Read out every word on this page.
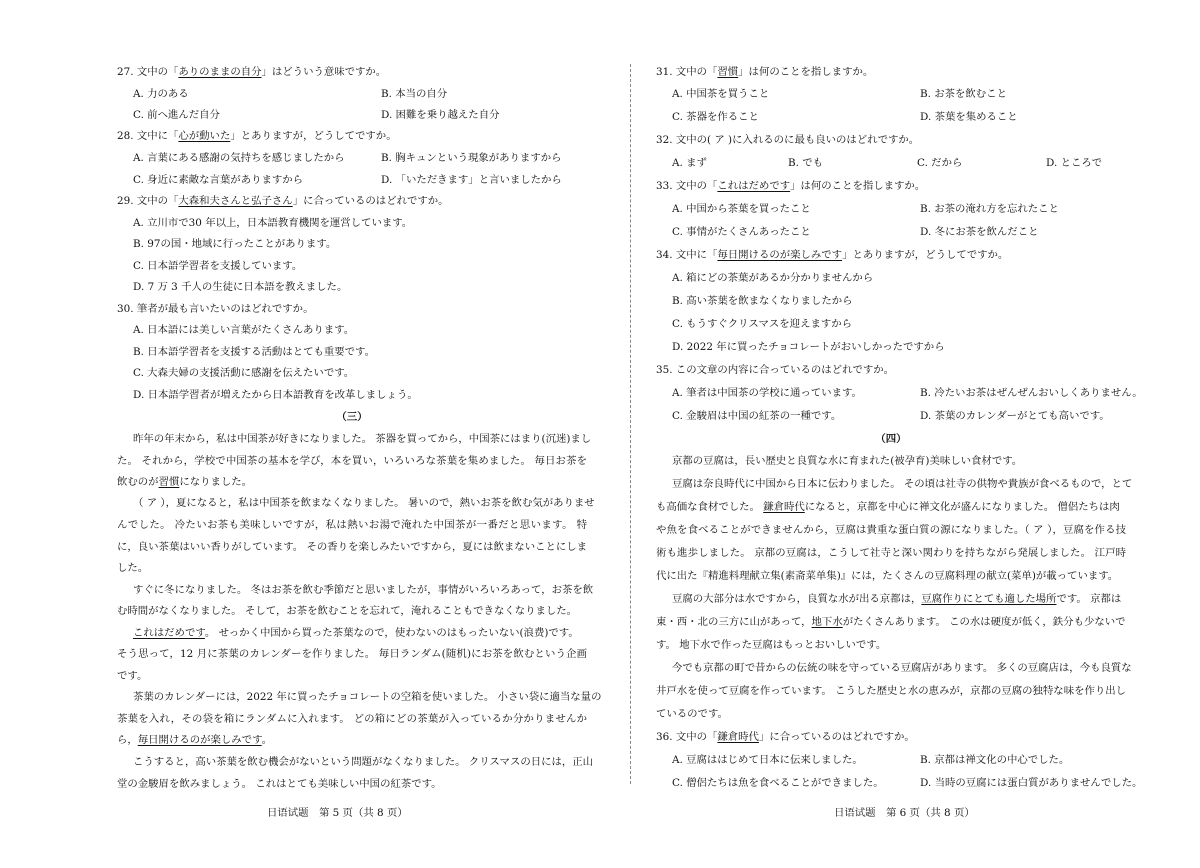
27. 文中の「ありのままの自分」はどういう意味ですか。
A. 力のある	B. 本当の自分
C. 前へ進んだ自分	D. 困難を乗り越えた自分
28. 文中に「心が動いた」とありますが，どうしてですか。
A. 言葉にある感謝の気持ちを感じましたから	B. 胸キュンという現象がありますから
C. 身近に素敵な言葉がありますから	D. 「いただきます」と言いましたから
29. 文中の「大森和夫さんと弘子さん」に合っているのはどれですか。
A. 立川市で30 年以上，日本語教育機関を運営しています。
B. 97の国・地域に行ったことがあります。
C. 日本語学習者を支援しています。
D. 7 万 3 千人の生徒に日本語を教えました。
30. 筆者が最も言いたいのはどれですか。
A. 日本語には美しい言葉がたくさんあります。
B. 日本語学習者を支援する活動はとても重要です。
C. 大森夫婦の支援活動に感謝を伝えたいです。
D. 日本語学習者が増えたから日本語教育を改革しましょう。
（三）
昨年の年末から，私は中国茶が好きになりました。 茶器を買ってから，中国茶にはまり(沉迷)まし
た。 それから，学校で中国茶の基本を学び，本を買い，いろいろな茶葉を集めました。 毎日お茶を
飲むのが習慣になりました。
（ ア ），夏になると，私は中国茶を飲まなくなりました。 暑いので，熱いお茶を飲む気がありませ
んでした。 冷たいお茶も美味しいですが，私は熱いお湯で淹れた中国茶が一番だと思います。 特
に，良い茶葉はいい香りがしています。 その香りを楽しみたいですから，夏には飲まないことにしま
した。
すぐに冬になりました。 冬はお茶を飲む季節だと思いましたが，事情がいろいろあって，お茶を飲
む時間がなくなりました。 そして，お茶を飲むことを忘れて，淹れることもできなくなりました。
これはだめです。 せっかく中国から買った茶葉なので，使わないのはもったいない(浪费)です。
そう思って，12 月に茶葉のカレンダーを作りました。 毎日ランダム(随机)にお茶を飲むという企画
です。
茶葉のカレンダーには，2022 年に買ったチョコレートの空箱を使いました。 小さい袋に適当な量の
茶葉を入れ，その袋を箱にランダムに入れます。 どの箱にどの茶葉が入っているか分かりませんか
ら，毎日開けるのが楽しみです。
こうすると，高い茶葉を飲む機会がないという問題がなくなりました。 クリスマスの日には，正山
堂の金駿眉を飲みましょう。 これはとても美味しい中国の紅茶です。
日语试题　第 5 页（共 8 页）
31. 文中の「習慣」は何のことを指しますか。
A. 中国茶を買うこと	B. お茶を飲むこと
C. 茶器を作ること	D. 茶葉を集めること
32. 文中の( ア )に入れるのに最も良いのはどれですか。
A. まず	B. でも	C. だから	D. ところで
33. 文中の「これはだめです」は何のことを指しますか。
A. 中国から茶葉を買ったこと	B. お茶の淹れ方を忘れたこと
C. 事情がたくさんあったこと	D. 冬にお茶を飲んだこと
34. 文中に「毎日開けるのが楽しみです」とありますが，どうしてですか。
A. 箱にどの茶葉があるか分かりませんから
B. 高い茶葉を飲まなくなりましたから
C. もうすぐクリスマスを迎えますから
D. 2022 年に買ったチョコレートがおいしかったですから
35. この文章の内容に合っているのはどれですか。
A. 筆者は中国茶の学校に通っています。	B. 冷たいお茶はぜんぜんおいしくありません。
C. 金駿眉は中国の紅茶の一種です。	D. 茶葉のカレンダーがとても高いです。
（四）
京都の豆腐は，長い歴史と良質な水に育まれた(被孕育)美味しい食材です。
豆腐は奈良時代に中国から日本に伝わりました。 その頃は社寺の供物や貴族が食べるもので，とて
も高価な食材でした。 鎌倉時代になると，京都を中心に禅文化が盛んになりました。 僧侶たちは肉
や魚を食べることができませんから，豆腐は貴重な蛋白質の源になりました。（ ア ），豆腐を作る技
術も進歩しました。 京都の豆腐は，こうして社寺と深い関わりを持ちながら発展しました。 江戸時
代に出た『精進料理献立集(素斋菜单集)』には，たくさんの豆腐料理の献立(菜单)が載っています。
豆腐の大部分は水ですから，良質な水が出る京都は，豆腐作りにとても適した場所です。 京都は
東・西・北の三方に山があって，地下水がたくさんあります。 この水は硬度が低く，鉄分も少ないで
す。 地下水で作った豆腐はもっとおいしいです。
今でも京都の町で昔からの伝統の味を守っている豆腐店があります。 多くの豆腐店は，今も良質な
井戸水を使って豆腐を作っています。 こうした歴史と水の恵みが，京都の豆腐の独特な味を作り出し
ているのです。
36. 文中の「鎌倉時代」に合っているのはどれですか。
A. 豆腐ははじめて日本に伝来しました。	B. 京都は禅文化の中心でした。
C. 僧侶たちは魚を食べることができました。	D. 当時の豆腐には蛋白質がありませんでした。
日语试题　第 6 页（共 8 页）
